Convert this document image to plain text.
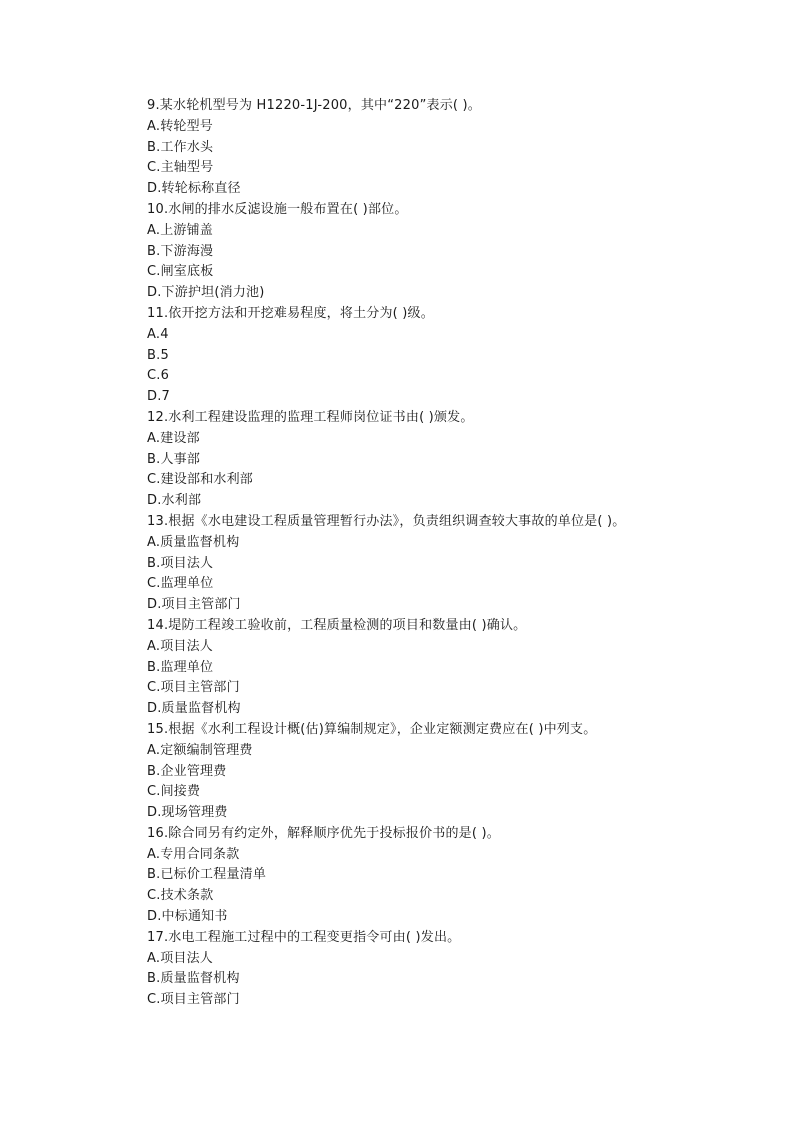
9.某水轮机型号为 H1220-1J-200，其中“220”表示( )。
A.转轮型号
B.工作水头
C.主轴型号
D.转轮标称直径
10.水闸的排水反滤设施一般布置在( )部位。
A.上游铺盖
B.下游海漫
C.闸室底板
D.下游护坦(消力池)
11.依开挖方法和开挖难易程度，将土分为( )级。
A.4
B.5
C.6
D.7
12.水利工程建设监理的监理工程师岗位证书由( )颁发。
A.建设部
B.人事部
C.建设部和水利部
D.水利部
13.根据《水电建设工程质量管理暂行办法》，负责组织调查较大事故的单位是( )。
A.质量监督机构
B.项目法人
C.监理单位
D.项目主管部门
14.堤防工程竣工验收前，工程质量检测的项目和数量由( )确认。
A.项目法人
B.监理单位
C.项目主管部门
D.质量监督机构
15.根据《水利工程设计概(估)算编制规定》，企业定额测定费应在( )中列支。
A.定额编制管理费
B.企业管理费
C.间接费
D.现场管理费
16.除合同另有约定外，解释顺序优先于投标报价书的是( )。
A.专用合同条款
B.已标价工程量清单
C.技术条款
D.中标通知书
17.水电工程施工过程中的工程变更指令可由( )发出。
A.项目法人
B.质量监督机构
C.项目主管部门
